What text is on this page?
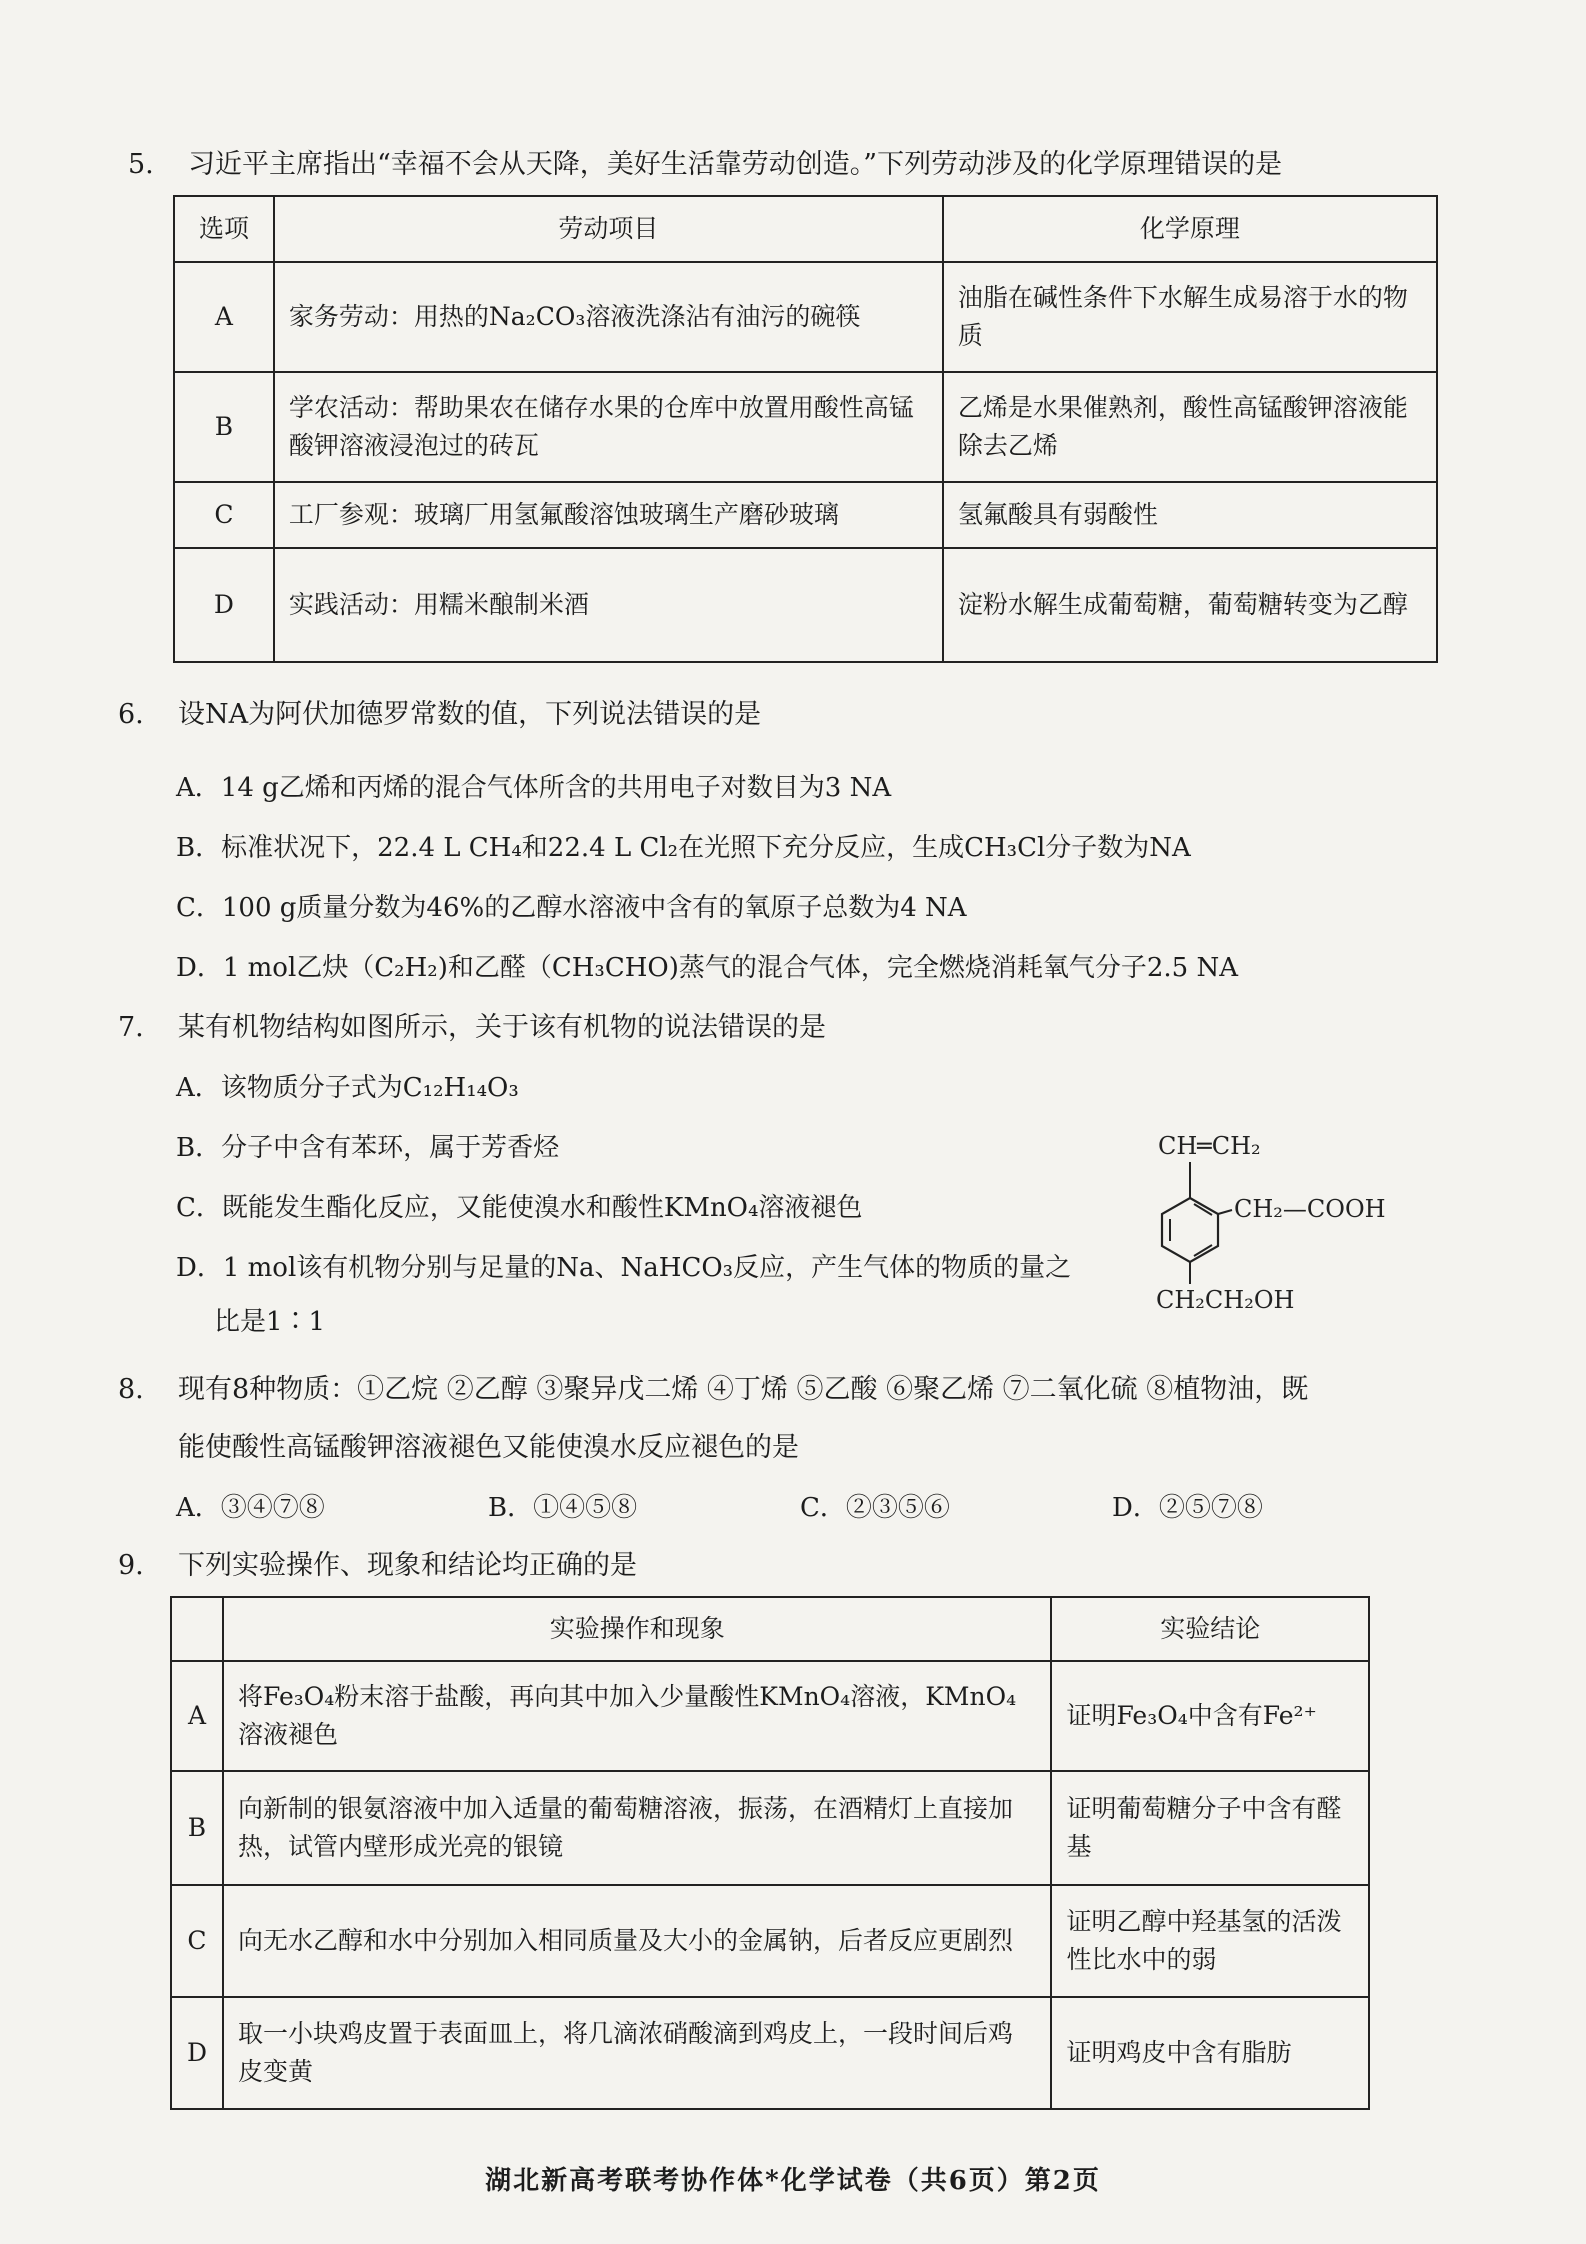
5. 习近平主席指出“幸福不会从天降，美好生活靠劳动创造。”下列劳动涉及的化学原理错误的是
选项	劳动项目	化学原理
A	家务劳动：用热的Na₂CO₃溶液洗涤沾有油污的碗筷	油脂在碱性条件下水解生成易溶于水的物质
B	学农活动：帮助果农在储存水果的仓库中放置用酸性高锰酸钾溶液浸泡过的砖瓦	乙烯是水果催熟剂，酸性高锰酸钾溶液能除去乙烯
C	工厂参观：玻璃厂用氢氟酸溶蚀玻璃生产磨砂玻璃	氢氟酸具有弱酸性
D	实践活动：用糯米酿制米酒	淀粉水解生成葡萄糖，葡萄糖转变为乙醇
6. 设NA为阿伏加德罗常数的值，下列说法错误的是
A．14 g乙烯和丙烯的混合气体所含的共用电子对数目为3 NA
B．标准状况下，22.4 L CH₄和22.4 L Cl₂在光照下充分反应，生成CH₃Cl分子数为NA
C．100 g质量分数为46%的乙醇水溶液中含有的氧原子总数为4 NA
D．1 mol乙炔（C₂H₂)和乙醛（CH₃CHO)蒸气的混合气体，完全燃烧消耗氧气分子2.5 NA
7. 某有机物结构如图所示，关于该有机物的说法错误的是
A．该物质分子式为C₁₂H₁₄O₃
B．分子中含有苯环，属于芳香烃
C．既能发生酯化反应，又能使溴水和酸性KMnO₄溶液褪色
D．1 mol该有机物分别与足量的Na、NaHCO₃反应，产生气体的物质的量之
比是1∶1
CH═CH₂
CH₂—COOH
CH₂CH₂OH
8. 现有8种物质：①乙烷 ②乙醇 ③聚异戊二烯 ④丁烯 ⑤乙酸 ⑥聚乙烯 ⑦二氧化硫 ⑧植物油，既
能使酸性高锰酸钾溶液褪色又能使溴水反应褪色的是
A．③④⑦⑧	B．①④⑤⑧	C．②③⑤⑥	D．②⑤⑦⑧
9. 下列实验操作、现象和结论均正确的是
	实验操作和现象	实验结论
A	将Fe₃O₄粉末溶于盐酸，再向其中加入少量酸性KMnO₄溶液，KMnO₄溶液褪色	证明Fe₃O₄中含有Fe²⁺
B	向新制的银氨溶液中加入适量的葡萄糖溶液，振荡，在酒精灯上直接加热，试管内壁形成光亮的银镜	证明葡萄糖分子中含有醛基
C	向无水乙醇和水中分别加入相同质量及大小的金属钠，后者反应更剧烈	证明乙醇中羟基氢的活泼性比水中的弱
D	取一小块鸡皮置于表面皿上，将几滴浓硝酸滴到鸡皮上，一段时间后鸡皮变黄	证明鸡皮中含有脂肪
湖北新高考联考协作体*化学试卷（共6页）第2页
